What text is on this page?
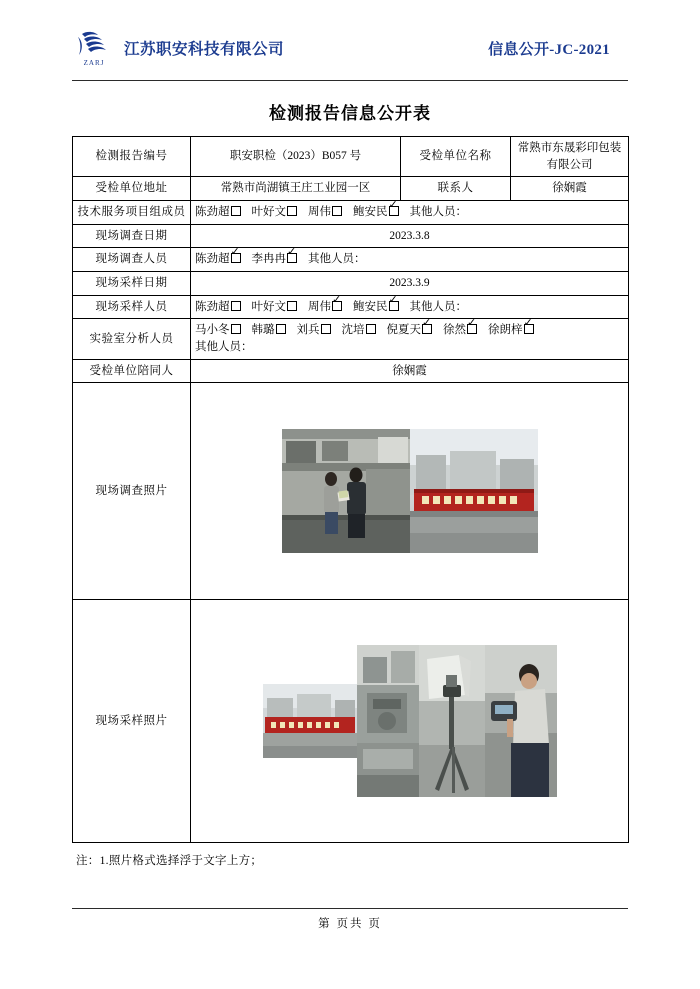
ZARJ
江苏职安科技有限公司	信息公开-JC-2021
检测报告信息公开表
检测报告编号	职安职检（2023）B057 号	受检单位名称	常熟市东晟彩印包装有限公司
受检单位地址	常熟市尚湖镇王庄工业园一区	联系人	徐娴霞
技术服务项目组成员	陈劲超 叶好文 周伟 鲍安民 ✓ 其他人员：
现场调查日期	2023.3.8		
现场调查人员	陈劲超 ✓ 李冉冉 ✓ 其他人员：
现场采样日期	2023.3.9		
现场采样人员	陈劲超 叶好文 周伟 ✓ 鲍安民 ✓ 其他人员：
实验室分析人员	马小冬 韩璐 刘兵 沈培 倪夏天 ✓ 徐然 ✓ 徐朗梓✓
其他人员：

受检单位陪同人	徐娴霞		
现场调查照片	

现场采样照片	
注：1.照片格式选择浮于文字上方；
第 页共 页
